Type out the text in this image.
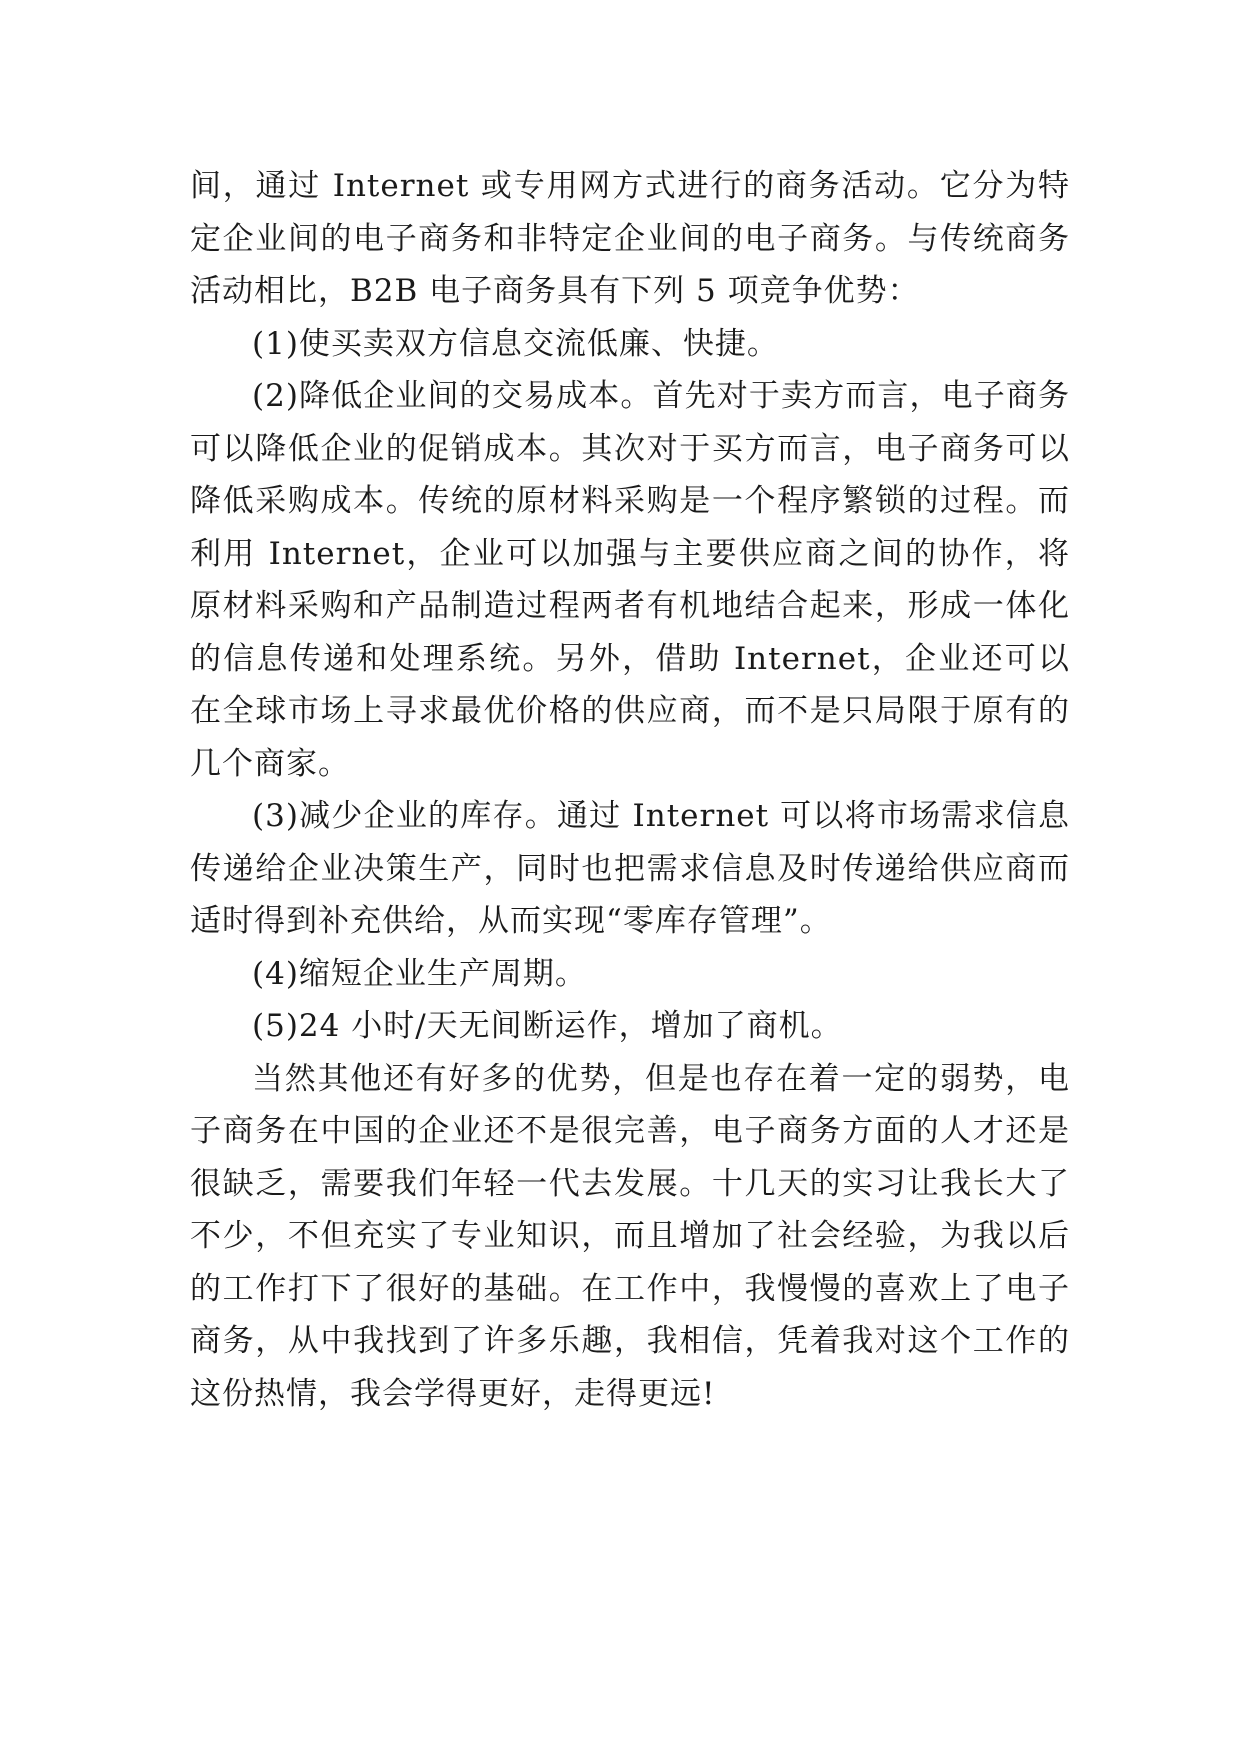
间，通过 Internet 或专用网方式进行的商务活动。它分为特定企业间的电子商务和非特定企业间的电子商务。与传统商务活动相比，B2B 电子商务具有下列 5 项竞争优势：

(1)使买卖双方信息交流低廉、快捷。

(2)降低企业间的交易成本。首先对于卖方而言，电子商务可以降低企业的促销成本。其次对于买方而言，电子商务可以降低采购成本。传统的原材料采购是一个程序繁锁的过程。而利用 Internet，企业可以加强与主要供应商之间的协作，将原材料采购和产品制造过程两者有机地结合起来，形成一体化的信息传递和处理系统。另外，借助 Internet，企业还可以在全球市场上寻求最优价格的供应商，而不是只局限于原有的几个商家。

(3)减少企业的库存。通过 Internet 可以将市场需求信息传递给企业决策生产，同时也把需求信息及时传递给供应商而适时得到补充供给，从而实现“零库存管理”。

(4)缩短企业生产周期。

(5)24 小时/天无间断运作，增加了商机。

当然其他还有好多的优势，但是也存在着一定的弱势，电子商务在中国的企业还不是很完善，电子商务方面的人才还是很缺乏，需要我们年轻一代去发展。十几天的实习让我长大了不少，不但充实了专业知识，而且增加了社会经验，为我以后的工作打下了很好的基础。在工作中，我慢慢的喜欢上了电子商务，从中我找到了许多乐趣，我相信，凭着我对这个工作的这份热情，我会学得更好，走得更远!
